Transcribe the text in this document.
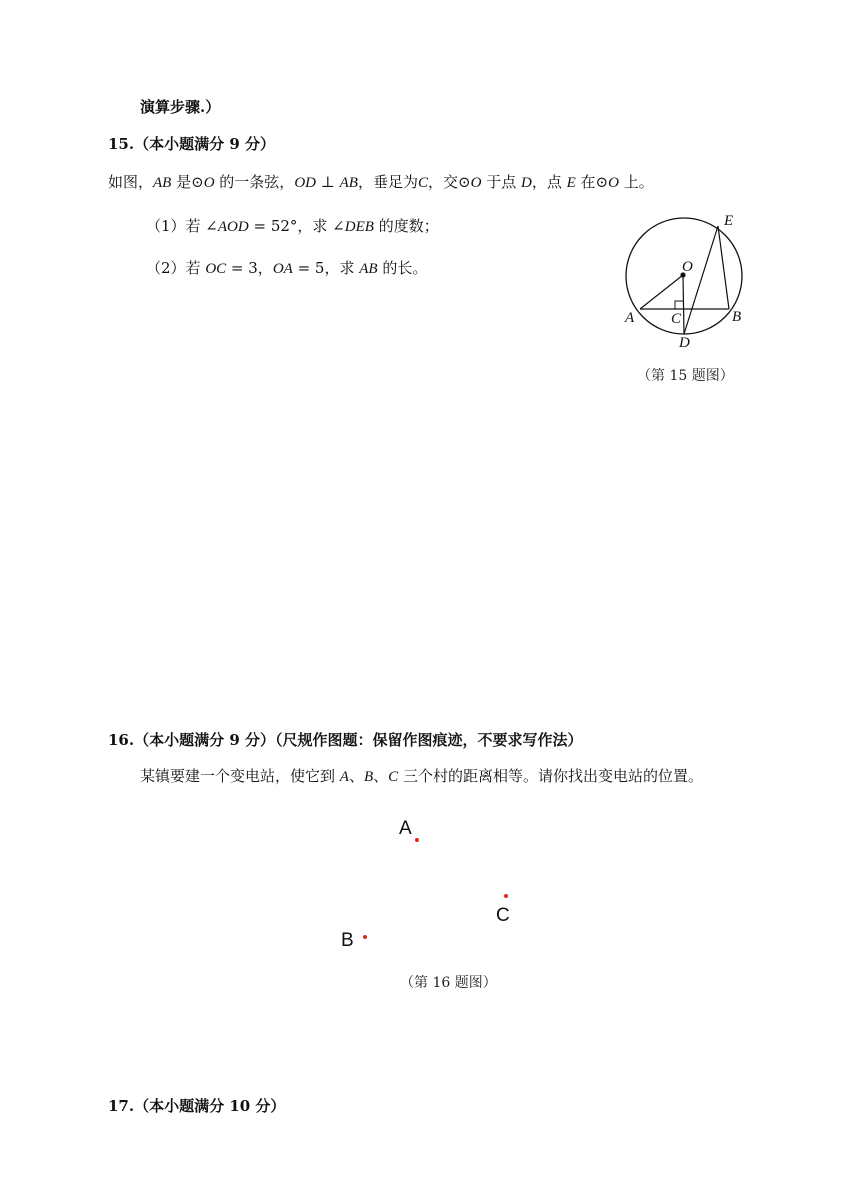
演算步骤.）
15.（本小题满分 9 分）
如图，AB 是⊙O 的一条弦，OD ⊥ AB，垂足为C，交⊙O 于点 D，点 E 在⊙O 上。
（1）若 ∠AOD = 52°，求 ∠DEB 的度数；
（2）若 OC = 3，OA = 5，求 AB 的长。
E
O
A C	B
D
（第 15 题图）
16.（本小题满分 9 分）（尺规作图题：保留作图痕迹，不要求写作法）
某镇要建一个变电站，使它到 A、B、C 三个村的距离相等。请你找出变电站的位置。
A
C
B
（第 16 题图）
17.（本小题满分 10 分）
